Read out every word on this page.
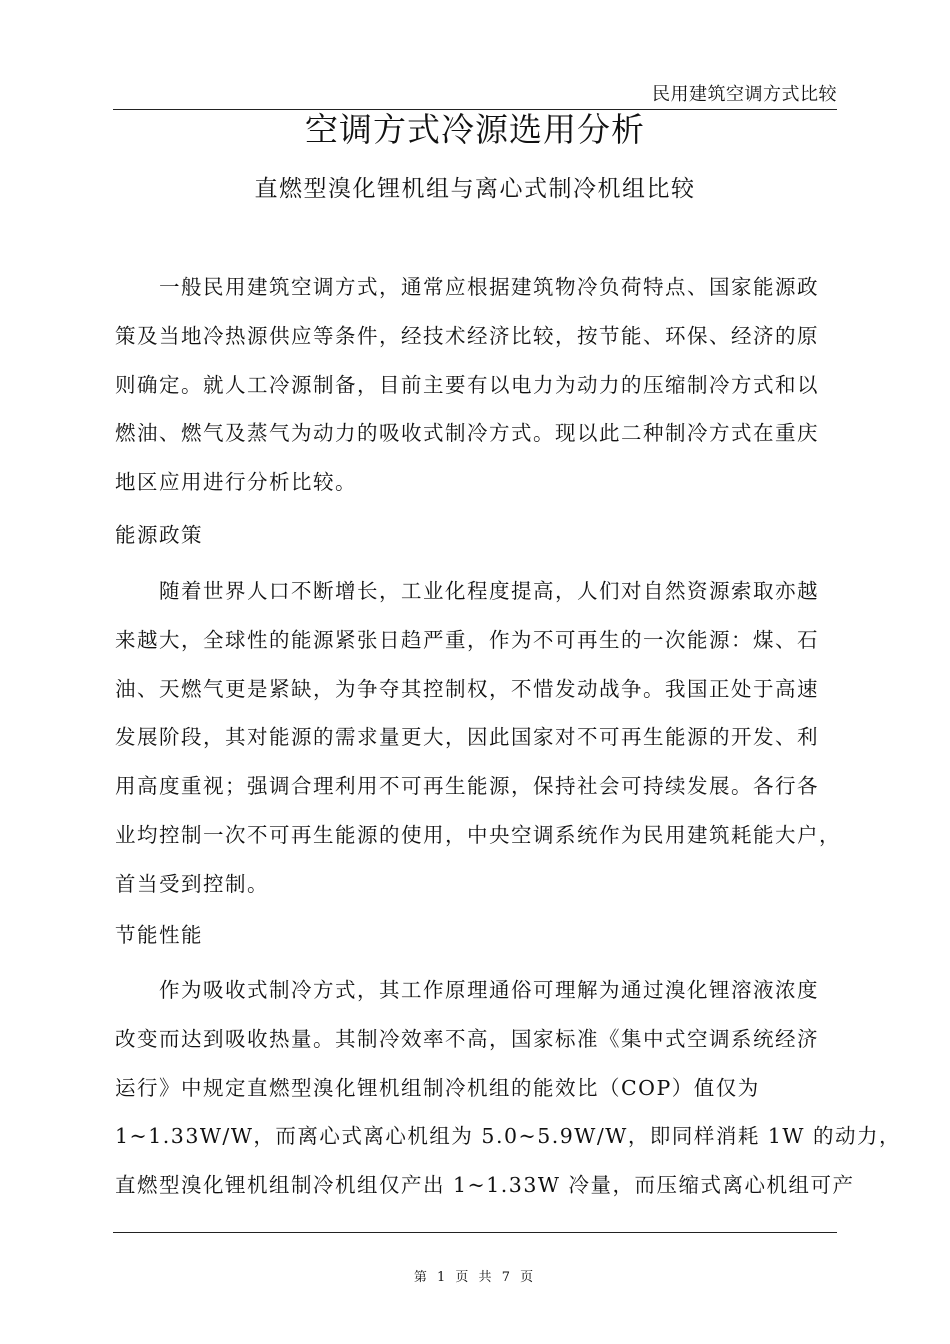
民用建筑空调方式比较
空调方式冷源选用分析
直燃型溴化锂机组与离心式制冷机组比较

一般民用建筑空调方式，通常应根据建筑物冷负荷特点、国家能源政
策及当地冷热源供应等条件，经技术经济比较，按节能、环保、经济的原
则确定。就人工冷源制备，目前主要有以电力为动力的压缩制冷方式和以
燃油、燃气及蒸气为动力的吸收式制冷方式。现以此二种制冷方式在重庆
地区应用进行分析比较。

能源政策

随着世界人口不断增长，工业化程度提高，人们对自然资源索取亦越
来越大，全球性的能源紧张日趋严重，作为不可再生的一次能源：煤、石
油、天燃气更是紧缺，为争夺其控制权，不惜发动战争。我国正处于高速
发展阶段，其对能源的需求量更大，因此国家对不可再生能源的开发、利
用高度重视；强调合理利用不可再生能源，保持社会可持续发展。各行各
业均控制一次不可再生能源的使用，中央空调系统作为民用建筑耗能大户，
首当受到控制。

节能性能

作为吸收式制冷方式，其工作原理通俗可理解为通过溴化锂溶液浓度
改变而达到吸收热量。其制冷效率不高，国家标准《集中式空调系统经济
运行》中规定直燃型溴化锂机组制冷机组的能效比（COP）值仅为
1~1.33W/W，而离心式离心机组为 5.0~5.9W/W，即同样消耗 1W 的动力，
直燃型溴化锂机组制冷机组仅产出 1~1.33W 冷量，而压缩式离心机组可产

第 1 页 共 7 页
